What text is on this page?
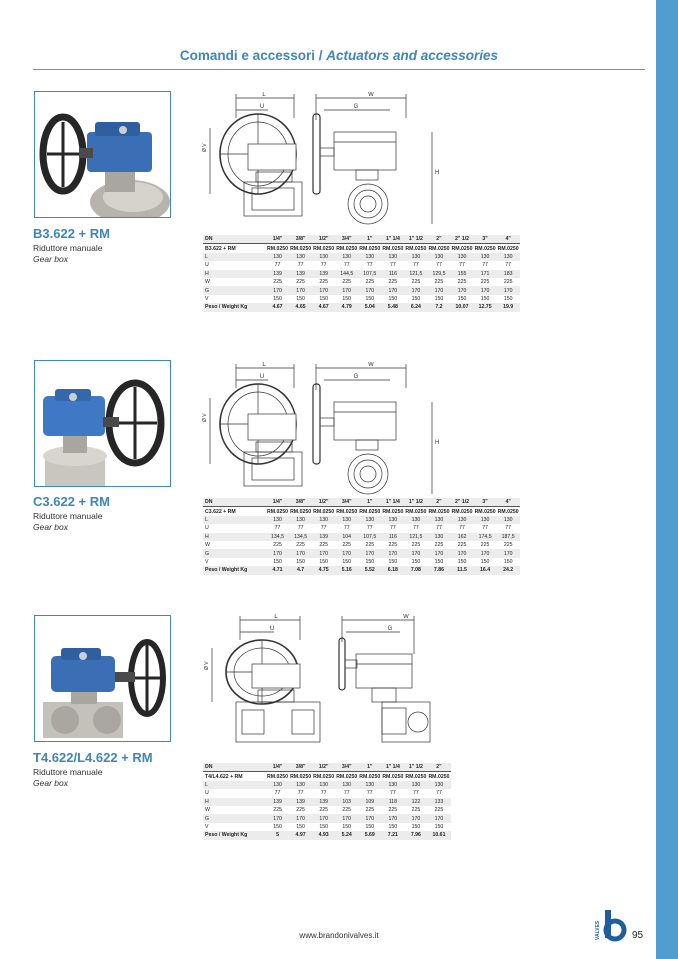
Comandi e accessori / Actuators and accessories
L
U
Ø V
W
G
H
B3.622 + RM
Riduttore manuale
Gear box
DN	1/4"	3/8"	1/2"	3/4"	1"	1" 1/4	1" 1/2	2"	2" 1/2	3"	4"
B3.622 + RM	RM.0250	RM.0250	RM.0250	RM.0250	RM.0250	RM.0250	RM.0250	RM.0250	RM.0250	RM.0250	RM.0250
L	130	130	130	130	130	130	130	130	130	130	130
U	77	77	77	77	77	77	77	77	77	77	77
H	139	139	139	144,5	107,5	116	121,5	129,5	155	171	183
W	225	225	225	225	225	225	225	225	225	225	225
G	170	170	170	170	170	170	170	170	170	170	170
V	150	150	150	150	150	150	150	150	150	150	150
Peso / Weight Kg	4.67	4.65	4.67	4.79	5.04	5.48	6.24	7.2	10.07	12.75	19.9
L
U
Ø V
W
G
H
C3.622 + RM
Riduttore manuale
Gear box
DN	1/4"	3/8"	1/2"	3/4"	1"	1" 1/4	1" 1/2	2"	2" 1/2	3"	4"
C3.622 + RM	RM.0250	RM.0250	RM.0250	RM.0250	RM.0250	RM.0250	RM.0250	RM.0250	RM.0250	RM.0250	RM.0250
L	130	130	130	130	130	130	130	130	130	130	130
U	77	77	77	77	77	77	77	77	77	77	77
H	134,5	134,5	139	104	107,5	116	121,5	130	162	174,5	187,5
W	225	225	225	225	225	225	225	225	225	225	225
G	170	170	170	170	170	170	170	170	170	170	170
V	150	150	150	150	150	150	150	150	150	150	150
Peso / Weight Kg	4.71	4.7	4.75	5.16	5.52	6.18	7.08	7.86	11.5	16.4	24.2
L
U
Ø V
W
G
T4.622/L4.622 + RM
Riduttore manuale
Gear box
DN	1/4"	3/8"	1/2"	3/4"	1"	1" 1/4	1" 1/2	2"
T4/L4.622 + RM	RM.0250	RM.0250	RM.0250	RM.0250	RM.0250	RM.0250	RM.0250	RM.0250
L	130	130	130	130	130	130	130	130
U	77	77	77	77	77	77	77	77
H	139	139	139	103	109	118	122	133
W	225	225	225	225	225	225	225	225
G	170	170	170	170	170	170	170	170
V	150	150	150	150	150	150	150	150
Peso / Weight Kg	5	4.97	4.93	5.24	5.69	7.21	7.96	10.61
www.brandonivalves.it	VALVES	95
